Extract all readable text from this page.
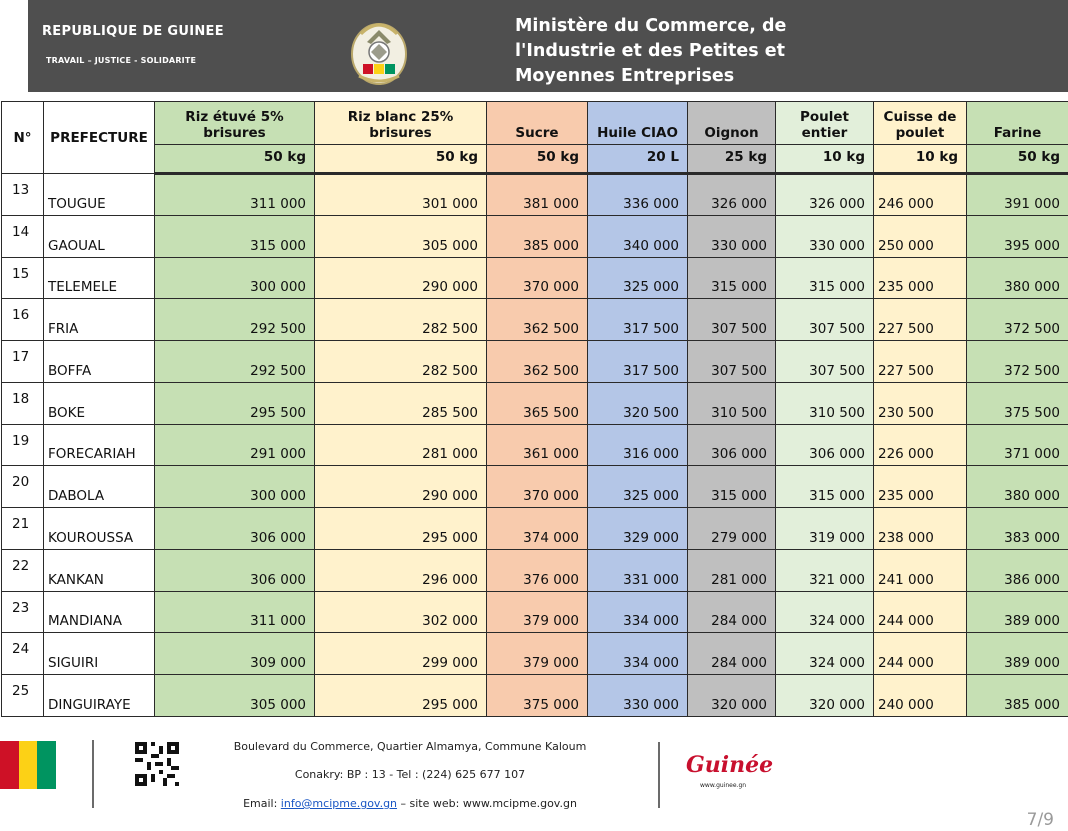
REPUBLIQUE DE GUINEE
TRAVAIL – JUSTICE - SOLIDARITE
Ministère du Commerce, de
l'Industrie et des Petites et
Moyennes Entreprises
N°	PREFECTURE	Riz étuvé 5% brisures	Riz blanc 25% brisures	Sucre	Huile CIAO	Oignon	Poulet entier	Cuisse de poulet	Farine
		50 kg	50 kg	50 kg	20 L	25 kg	10 kg	10 kg	50 kg
13	TOUGUE	311 000	301 000	381 000	336 000	326 000	326 000	246 000	391 000
14	GAOUAL	315 000	305 000	385 000	340 000	330 000	330 000	250 000	395 000
15	TELEMELE	300 000	290 000	370 000	325 000	315 000	315 000	235 000	380 000
16	FRIA	292 500	282 500	362 500	317 500	307 500	307 500	227 500	372 500
17	BOFFA	292 500	282 500	362 500	317 500	307 500	307 500	227 500	372 500
18	BOKE	295 500	285 500	365 500	320 500	310 500	310 500	230 500	375 500
19	FORECARIAH	291 000	281 000	361 000	316 000	306 000	306 000	226 000	371 000
20	DABOLA	300 000	290 000	370 000	325 000	315 000	315 000	235 000	380 000
21	KOUROUSSA	306 000	295 000	374 000	329 000	279 000	319 000	238 000	383 000
22	KANKAN	306 000	296 000	376 000	331 000	281 000	321 000	241 000	386 000
23	MANDIANA	311 000	302 000	379 000	334 000	284 000	324 000	244 000	389 000
24	SIGUIRI	309 000	299 000	379 000	334 000	284 000	324 000	244 000	389 000
25	DINGUIRAYE	305 000	295 000	375 000	330 000	320 000	320 000	240 000	385 000
Boulevard du Commerce, Quartier Almamya, Commune Kaloum
Conakry: BP : 13 - Tel : (224) 625 677 107
Email: info@mcipme.gov.gn – site web: www.mcipme.gov.gn
Guinée
www.guinee.gn
7/9
